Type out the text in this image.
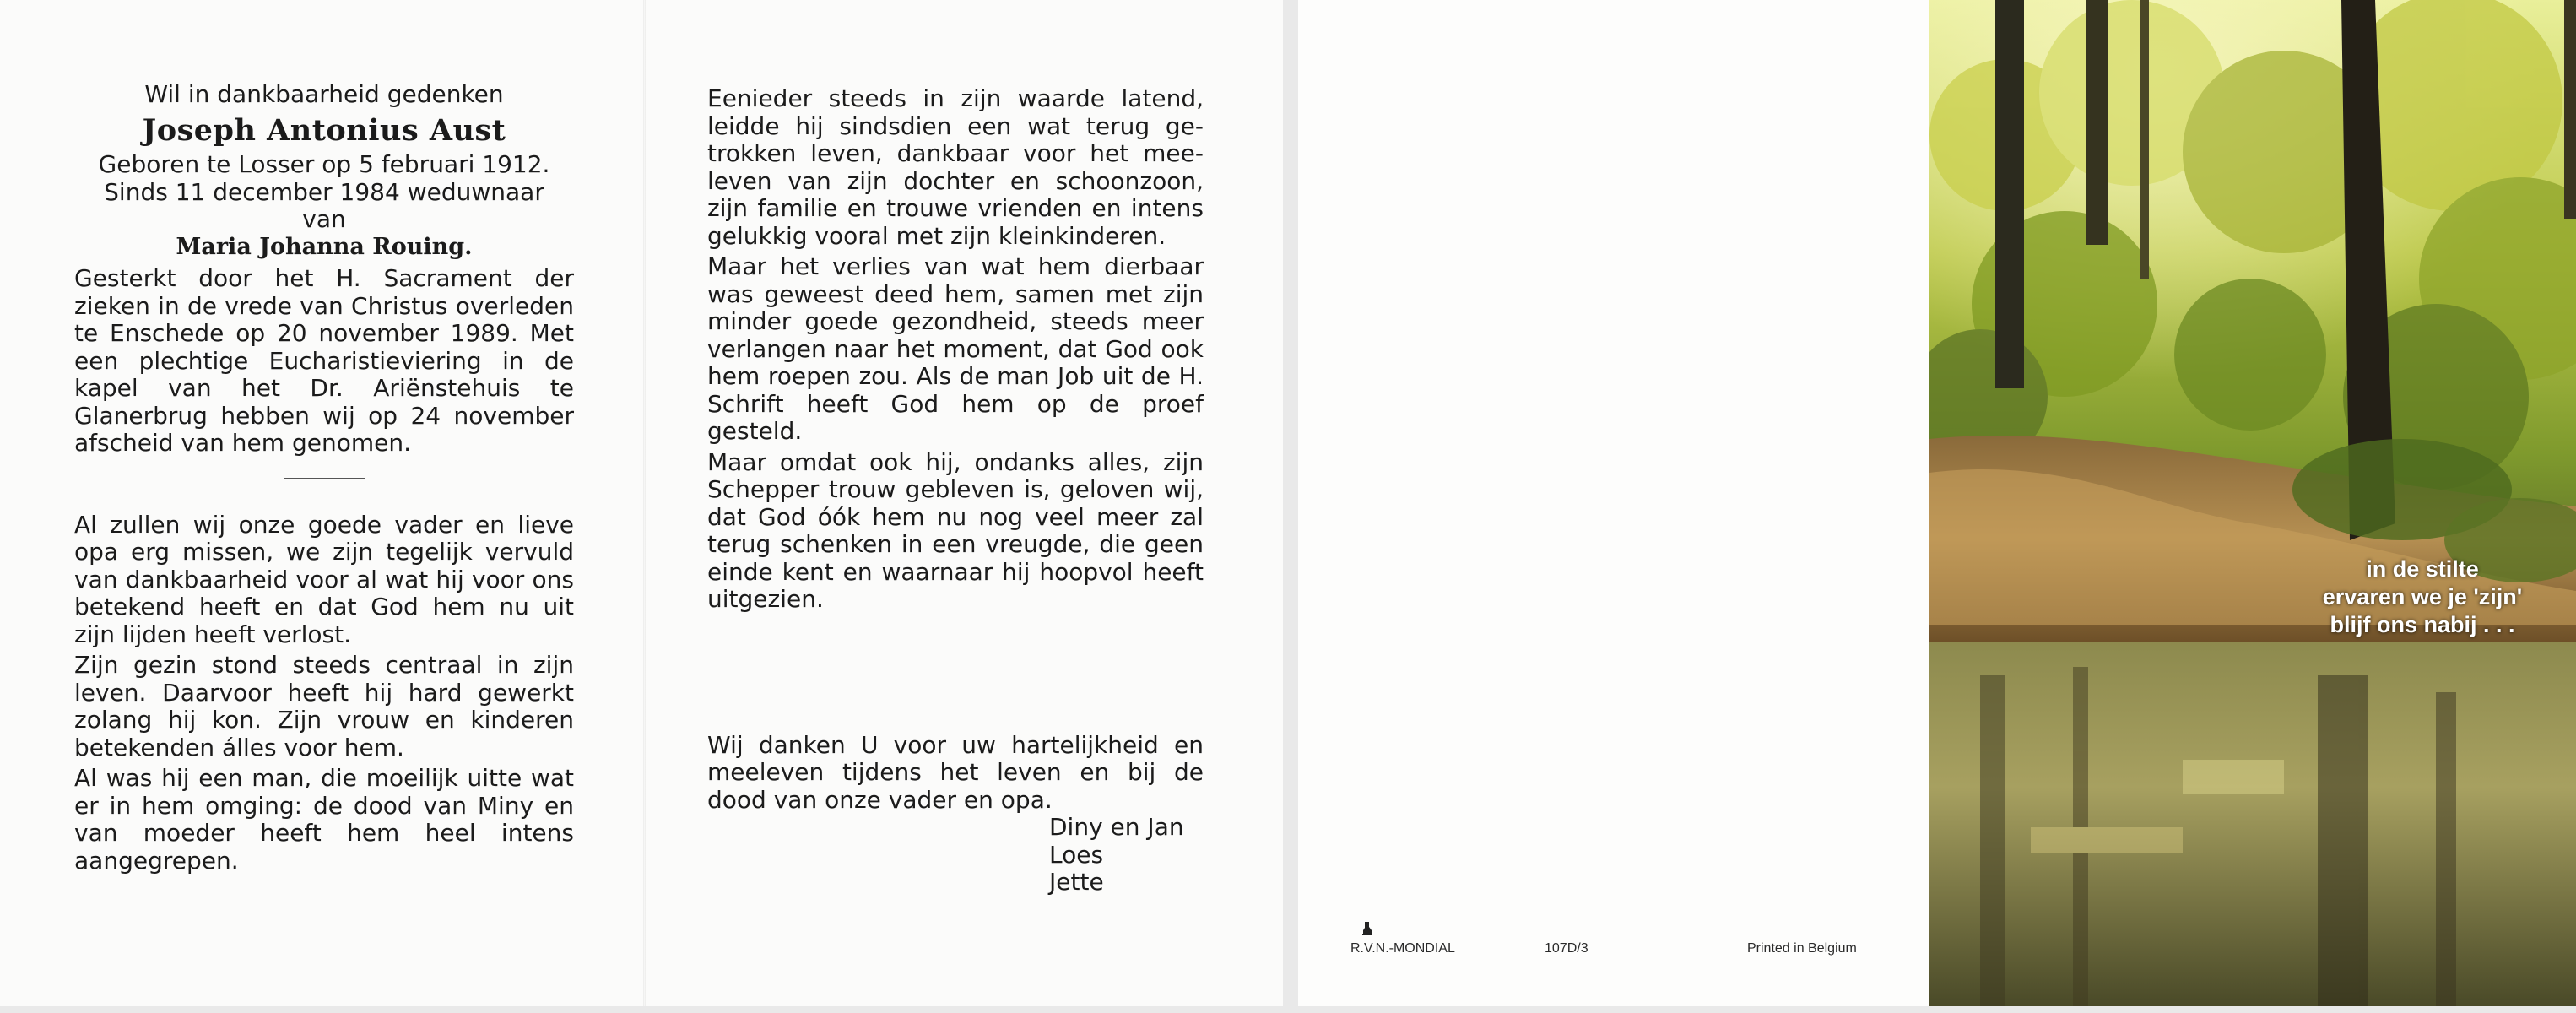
Wil in dankbaarheid gedenken
Joseph Antonius Aust
Geboren te Losser op 5 februari 1912.
Sinds 11 december 1984 weduwnaar
van
Maria Johanna Rouing.

Gesterkt door het H. Sacrament der zieken in de vrede van Christus overleden te Enschede op 20 november 1989. Met een plechtige Eucharistieviering in de kapel van het Dr. Ariënstehuis te Glanerbrug hebben wij op 24 november afscheid van hem genomen.

Al zullen wij onze goede vader en lieve opa erg missen, we zijn tegelijk vervuld van dankbaarheid voor al wat hij voor ons betekend heeft en dat God hem nu uit zijn lijden heeft verlost.

Zijn gezin stond steeds centraal in zijn leven. Daarvoor heeft hij hard gewerkt zolang hij kon. Zijn vrouw en kinderen betekenden álles voor hem.

Al was hij een man, die moeilijk uitte wat er in hem omging: de dood van Miny en van moeder heeft hem heel intens aangegrepen.

Eenieder steeds in zijn waarde latend, leidde hij sindsdien een wat terug getrokken leven, dankbaar voor het meeleven van zijn dochter en schoonzoon, zijn familie en trouwe vrienden en intens gelukkig vooral met zijn kleinkinderen.

Maar het verlies van wat hem dierbaar was geweest deed hem, samen met zijn minder goede gezondheid, steeds meer verlangen naar het moment, dat God ook hem roepen zou. Als de man Job uit de H. Schrift heeft God hem op de proef gesteld.

Maar omdat ook hij, ondanks alles, zijn Schepper trouw gebleven is, geloven wij, dat God óók hem nu nog veel meer zal terug schenken in een vreugde, die geen einde kent en waarnaar hij hoopvol heeft uitgezien.

Wij danken U voor uw hartelijkheid en meeleven tijdens het leven en bij de dood van onze vader en opa.

Diny en Jan
Loes
Jette
R.V.N.-MONDIAL	107D/3	Printed in Belgium
in de stilte
ervaren we je 'zijn'
blijf ons nabij . . .
